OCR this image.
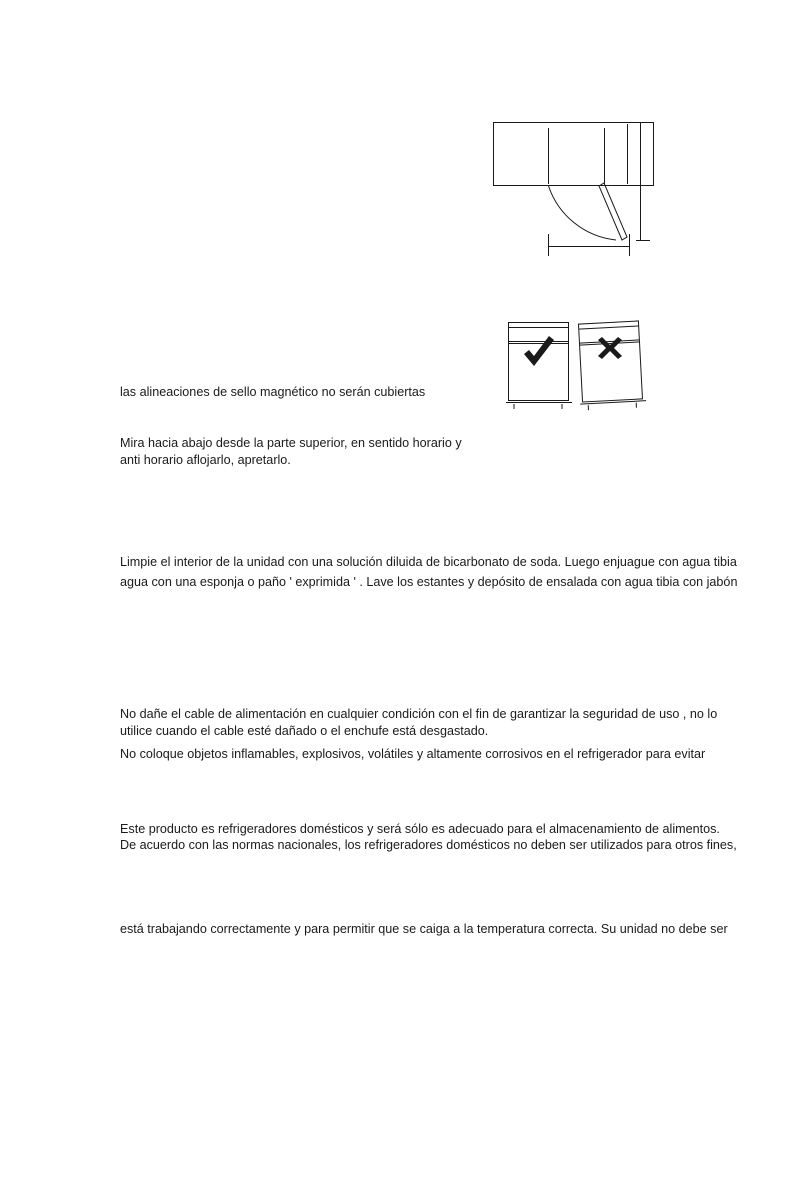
las alineaciones de sello magnético no serán cubiertas

Mira hacia abajo desde la parte superior, en sentido horario y

anti horario aflojarlo, apretarlo.

Limpie el interior de la unidad con una solución diluida de bicarbonato de soda. Luego enjuague con agua tibia

agua con una esponja o paño ' exprimida ' . Lave los estantes y depósito de ensalada con agua tibia con jabón

No dañe el cable de alimentación en cualquier condición con el fin de garantizar la seguridad de uso , no lo

utilice cuando el cable esté dañado o el enchufe está desgastado.

No coloque objetos inflamables, explosivos, volátiles y altamente corrosivos en el refrigerador para evitar

Este producto es refrigeradores domésticos y será sólo es adecuado para el almacenamiento de alimentos.

De acuerdo con las normas nacionales, los refrigeradores domésticos no deben ser utilizados para otros fines,

está trabajando correctamente y para permitir que se caiga a la temperatura correcta. Su unidad no debe ser
